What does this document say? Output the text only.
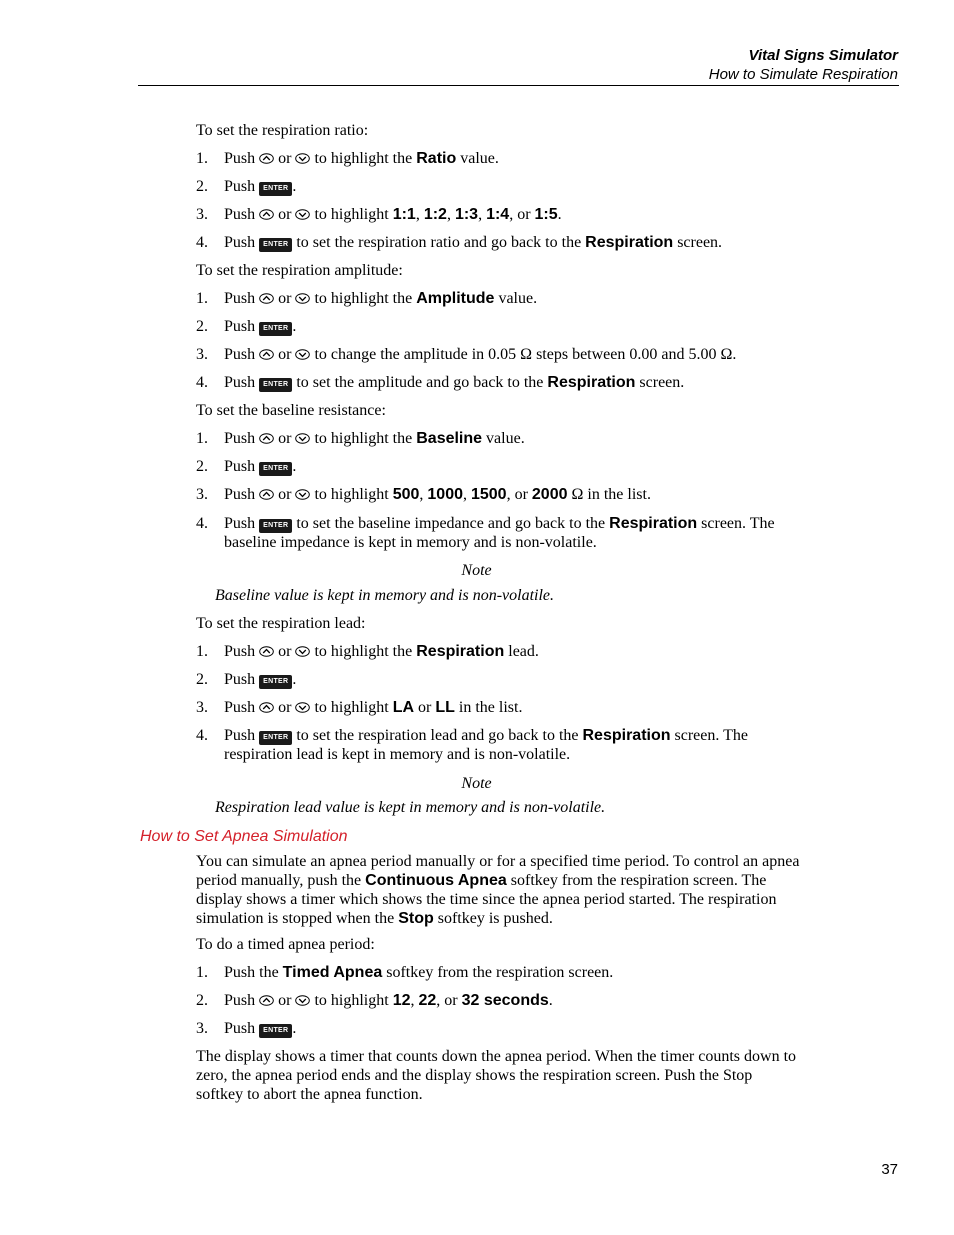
Vital Signs Simulator
How to Simulate Respiration
To set the respiration ratio:
1.	Push or to highlight the Ratio value.
2.	Push ENTER .
3.	Push or to highlight 1:1, 1:2, 1:3, 1:4, or 1:5.
4.	Push ENTER to set the respiration ratio and go back to the Respiration screen.
To set the respiration amplitude:
1.	Push or to highlight the Amplitude value.
2.	Push ENTER .
3.	Push or to change the amplitude in 0.05 Ω steps between 0.00 and 5.00 Ω.
4.	Push ENTER to set the amplitude and go back to the Respiration screen.
To set the baseline resistance:
1.	Push or to highlight the Baseline value.
2.	Push ENTER .
3.	Push or to highlight 500, 1000, 1500, or 2000 Ω in the list.
4.	Push ENTER to set the baseline impedance and go back to the Respiration screen. The baseline impedance is kept in memory and is non-volatile.
Note
Baseline value is kept in memory and is non-volatile.
To set the respiration lead:
1.	Push or to highlight the Respiration lead.
2.	Push ENTER .
3.	Push or to highlight LA or LL in the list.
4.	Push ENTER to set the respiration lead and go back to the Respiration screen. The respiration lead is kept in memory and is non-volatile.
Note
Respiration lead value is kept in memory and is non-volatile.
How to Set Apnea Simulation
You can simulate an apnea period manually or for a specified time period. To control an apnea period manually, push the Continuous Apnea softkey from the respiration screen. The display shows a timer which shows the time since the apnea period started. The respiration simulation is stopped when the Stop softkey is pushed.
To do a timed apnea period:
1.	Push the Timed Apnea softkey from the respiration screen.
2.	Push or to highlight 12, 22, or 32 seconds.
3.	Push ENTER .
The display shows a timer that counts down the apnea period. When the timer counts down to zero, the apnea period ends and the display shows the respiration screen. Push the Stop softkey to abort the apnea function.
37
